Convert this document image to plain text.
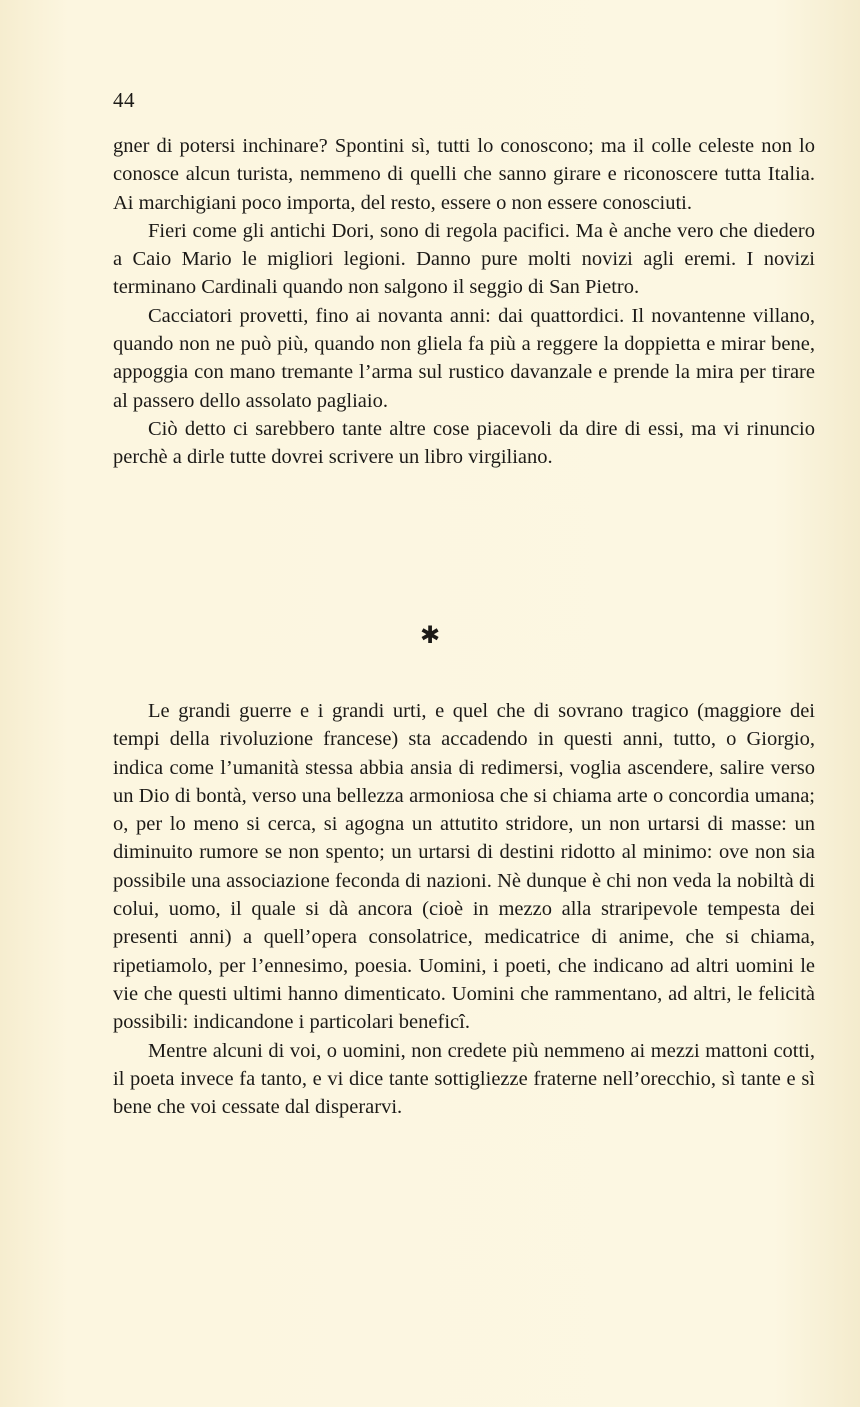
44

gner di potersi inchinare? Spontini sì, tutti lo conoscono; ma il colle celeste non lo conosce alcun turista, nemmeno di quelli che sanno girare e riconoscere tutta Italia. Ai marchigiani poco importa, del resto, essere o non essere conosciuti.

Fieri come gli antichi Dori, sono di regola pacifici. Ma è anche vero che diedero a Caio Mario le migliori legioni. Danno pure molti novizi agli eremi. I novizi terminano Cardinali quando non salgono il seggio di San Pietro.

Cacciatori provetti, fino ai novanta anni: dai quattordici. Il novantenne villano, quando non ne può più, quando non gliela fa più a reggere la doppietta e mirar bene, appoggia con mano tremante l’arma sul rustico davanzale e prende la mira per tirare al passero dello assolato pagliaio.

Ciò detto ci sarebbero tante altre cose piacevoli da dire di essi, ma vi rinuncio perchè a dirle tutte dovrei scrivere un libro virgiliano.

✱

Le grandi guerre e i grandi urti, e quel che di sovrano tragico (maggiore dei tempi della rivoluzione francese) sta accadendo in questi anni, tutto, o Giorgio, indica come l’umanità stessa abbia ansia di redimersi, voglia ascendere, salire verso un Dio di bontà, verso una bellezza armoniosa che si chiama arte o concordia umana; o, per lo meno si cerca, si agogna un attutito stridore, un non urtarsi di masse: un diminuito rumore se non spento; un urtarsi di destini ridotto al minimo: ove non sia possibile una associazione feconda di nazioni. Nè dunque è chi non veda la nobiltà di colui, uomo, il quale si dà ancora (cioè in mezzo alla straripevole tempesta dei presenti anni) a quell’opera consolatrice, medicatrice di anime, che si chiama, ripetiamolo, per l’ennesimo, poesia. Uomini, i poeti, che indicano ad altri uomini le vie che questi ultimi hanno dimenticato. Uomini che rammentano, ad altri, le felicità possibili: indicandone i particolari beneficî.

Mentre alcuni di voi, o uomini, non credete più nemmeno ai mezzi mattoni cotti, il poeta invece fa tanto, e vi dice tante sottigliezze fraterne nell’orecchio, sì tante e sì bene che voi cessate dal disperarvi.
